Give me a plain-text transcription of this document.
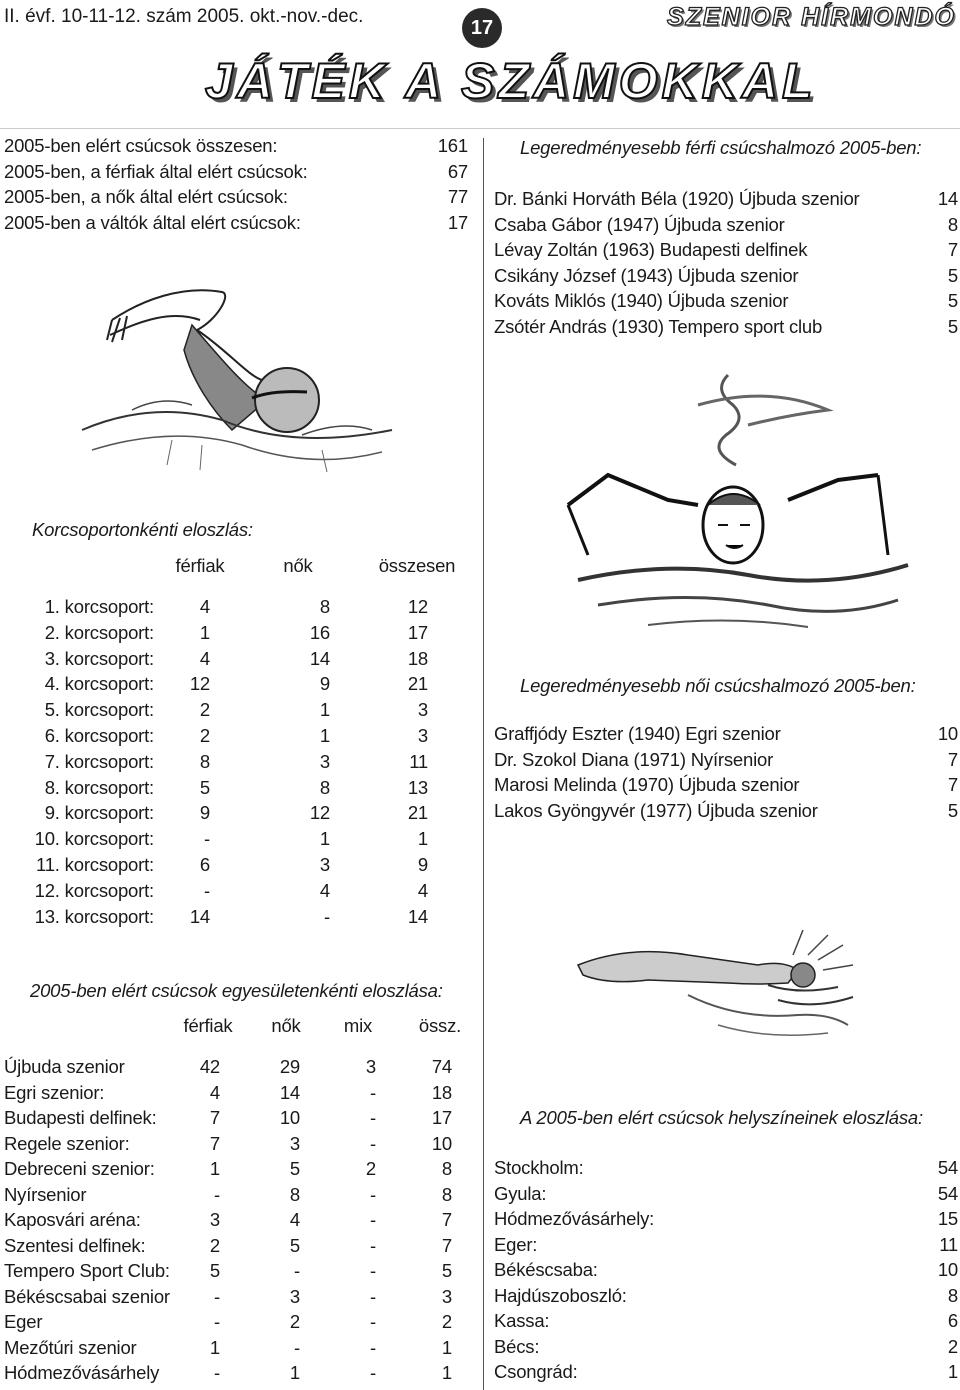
II. évf. 10-11-12. szám 2005. okt.-nov.-dec.
17	SZENIOR HÍRMONDÓ
JÁTÉK A SZÁMOKKAL
2005-ben elért csúcsok összesen:	161
2005-ben, a férfiak által elért csúcsok:	67
2005-ben, a nők által elért csúcsok:	77
2005-ben a váltók által elért csúcsok:	17
Legeredményesebb férfi csúcshalmozó 2005-ben:
Dr. Bánki Horváth Béla (1920) Újbuda szenior	14
Csaba Gábor (1947) Újbuda szenior	8
Lévay Zoltán (1963) Budapesti delfinek	7
Csikány József (1943) Újbuda szenior	5
Kováts Miklós (1940) Újbuda szenior	5
Zsótér András (1930) Tempero sport club	5
Korcsoportonkénti eloszlás:
férfiak	nők	összesen
1. korcsoport:	4	8	12
2. korcsoport:	1	16	17
3. korcsoport:	4	14	18
4. korcsoport:	12	9	21
5. korcsoport:	2	1	3
6. korcsoport:	2	1	3
7. korcsoport:	8	3	11
8. korcsoport:	5	8	13
9. korcsoport:	9	12	21
10. korcsoport:	-	1	1
11. korcsoport:	6	3	9
12. korcsoport:	-	4	4
13. korcsoport:	14	-	14
Legeredményesebb női csúcshalmozó 2005-ben:
Graffjódy Eszter (1940) Egri szenior	10
Dr. Szokol Diana (1971) Nyírsenior	7
Marosi Melinda (1970) Újbuda szenior	7
Lakos Gyöngyvér (1977) Újbuda szenior	5
2005-ben elért csúcsok egyesületenkénti eloszlása:
férfiak	nők	mix	össz.
Újbuda szenior	42	29	3	74
Egri szenior:	4	14	-	18
Budapesti delfinek:	7	10	-	17
Regele szenior:	7	3	-	10
Debreceni szenior:	1	5	2	8
Nyírsenior	-	8	-	8
Kaposvári aréna:	3	4	-	7
Szentesi delfinek:	2	5	-	7
Tempero Sport Club:	5	-	-	5
Békéscsabai szenior	-	3	-	3
Eger	-	2	-	2
Mezőtúri szenior	1	-	-	1
Hódmezővásárhely	-	1	-	1
A 2005-ben elért csúcsok helyszíneinek eloszlása:
Stockholm:	54
Gyula:	54
Hódmezővásárhely:	15
Eger:	11
Békéscsaba:	10
Hajdúszoboszló:	8
Kassa:	6
Bécs:	2
Csongrád:	1
